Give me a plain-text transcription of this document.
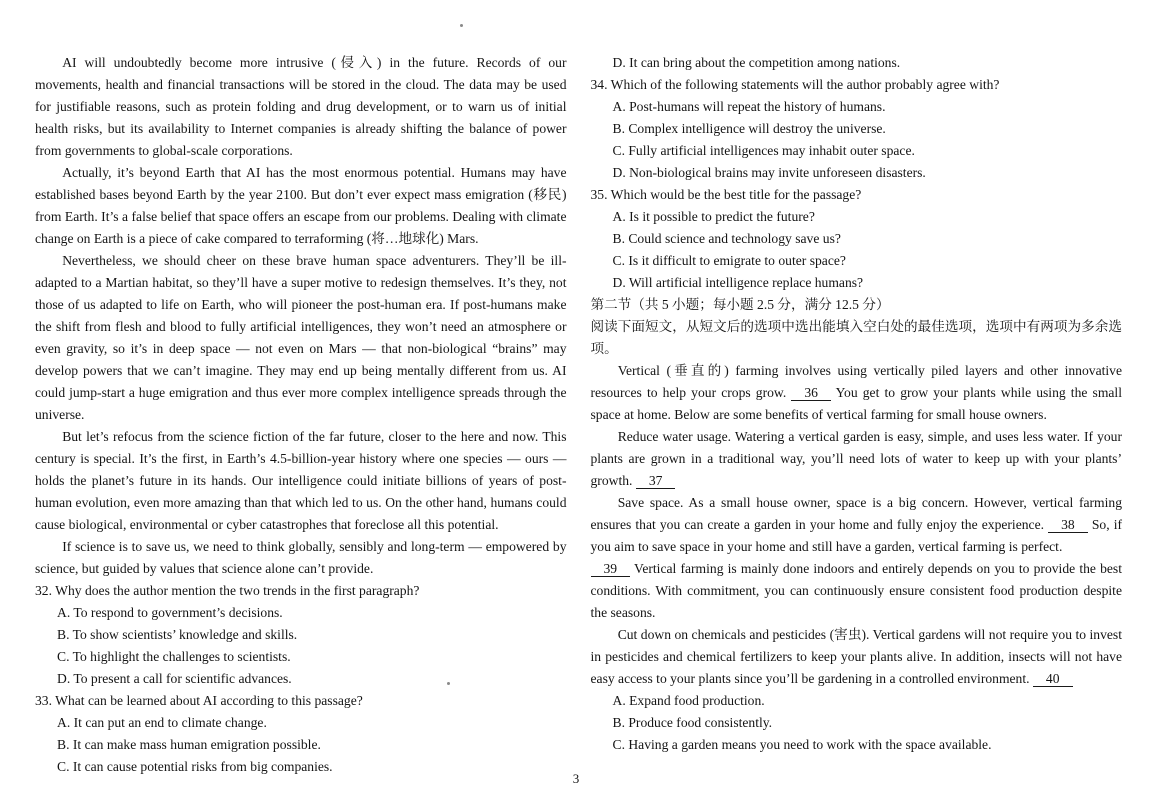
AI will undoubtedly become more intrusive (侵入) in the future. Records of our movements, health and financial transactions will be stored in the cloud. The data may be used for justifiable reasons, such as protein folding and drug development, or to warn us of initial health risks, but its availability to Internet companies is already shifting the balance of power from governments to global-scale corporations.

Actually, it’s beyond Earth that AI has the most enormous potential. Humans may have established bases beyond Earth by the year 2100. But don’t ever expect mass emigration (移民) from Earth. It’s a false belief that space offers an escape from our problems. Dealing with climate change on Earth is a piece of cake compared to terraforming (将…地球化) Mars.

Nevertheless, we should cheer on these brave human space adventurers. They’ll be ill-adapted to a Martian habitat, so they’ll have a super motive to redesign themselves. It’s they, not those of us adapted to life on Earth, who will pioneer the post-human era. If post-humans make the shift from flesh and blood to fully artificial intelligences, they won’t need an atmosphere or even gravity, so it’s in deep space — not even on Mars — that non-biological “brains” may develop powers that we can’t imagine. They may end up being mentally different from us. AI could jump-start a huge emigration and thus ever more complex intelligence spreads through the universe.

But let’s refocus from the science fiction of the far future, closer to the here and now. This century is special. It’s the first, in Earth’s 4.5-billion-year history where one species — ours — holds the planet’s future in its hands. Our intelligence could initiate billions of years of post-human evolution, even more amazing than that which led to us. On the other hand, humans could cause biological, environmental or cyber catastrophes that foreclose all this potential.

If science is to save us, we need to think globally, sensibly and long-term — empowered by science, but guided by values that science alone can’t provide.

32. Why does the author mention the two trends in the first paragraph?

A. To respond to government’s decisions.

B. To show scientists’ knowledge and skills.

C. To highlight the challenges to scientists.

D. To present a call for scientific advances.

33. What can be learned about AI according to this passage?

A. It can put an end to climate change.

B. It can make mass human emigration possible.

C. It can cause potential risks from big companies.

D. It can bring about the competition among nations.

34. Which of the following statements will the author probably agree with?

A. Post-humans will repeat the history of humans.

B. Complex intelligence will destroy the universe.

C. Fully artificial intelligences may inhabit outer space.

D. Non-biological brains may invite unforeseen disasters.

35. Which would be the best title for the passage?

A. Is it possible to predict the future?

B. Could science and technology save us?

C. Is it difficult to emigrate to outer space?

D. Will artificial intelligence replace humans?

第二节（共 5 小题；每小题 2.5 分，满分 12.5 分）

阅读下面短文，从短文后的选项中选出能填入空白处的最佳选项，选项中有两项为多余选项。

Vertical (垂直的) farming involves using vertically piled layers and other innovative resources to help your crops grow. 36 You get to grow your plants while using the small space at home. Below are some benefits of vertical farming for small house owners.

Reduce water usage. Watering a vertical garden is easy, simple, and uses less water. If your plants are grown in a traditional way, you’ll need lots of water to keep up with your plants’ growth. 37

Save space. As a small house owner, space is a big concern. However, vertical farming ensures that you can create a garden in your home and fully enjoy the experience. 38 So, if you aim to save space in your home and still have a garden, vertical farming is perfect.

39 Vertical farming is mainly done indoors and entirely depends on you to provide the best conditions. With commitment, you can continuously ensure consistent food production despite the seasons.

Cut down on chemicals and pesticides (害虫). Vertical gardens will not require you to invest in pesticides and chemical fertilizers to keep your plants alive. In addition, insects will not have easy access to your plants since you’ll be gardening in a controlled environment. 40

A. Expand food production.

B. Produce food consistently.

C. Having a garden means you need to work with the space available.

3
